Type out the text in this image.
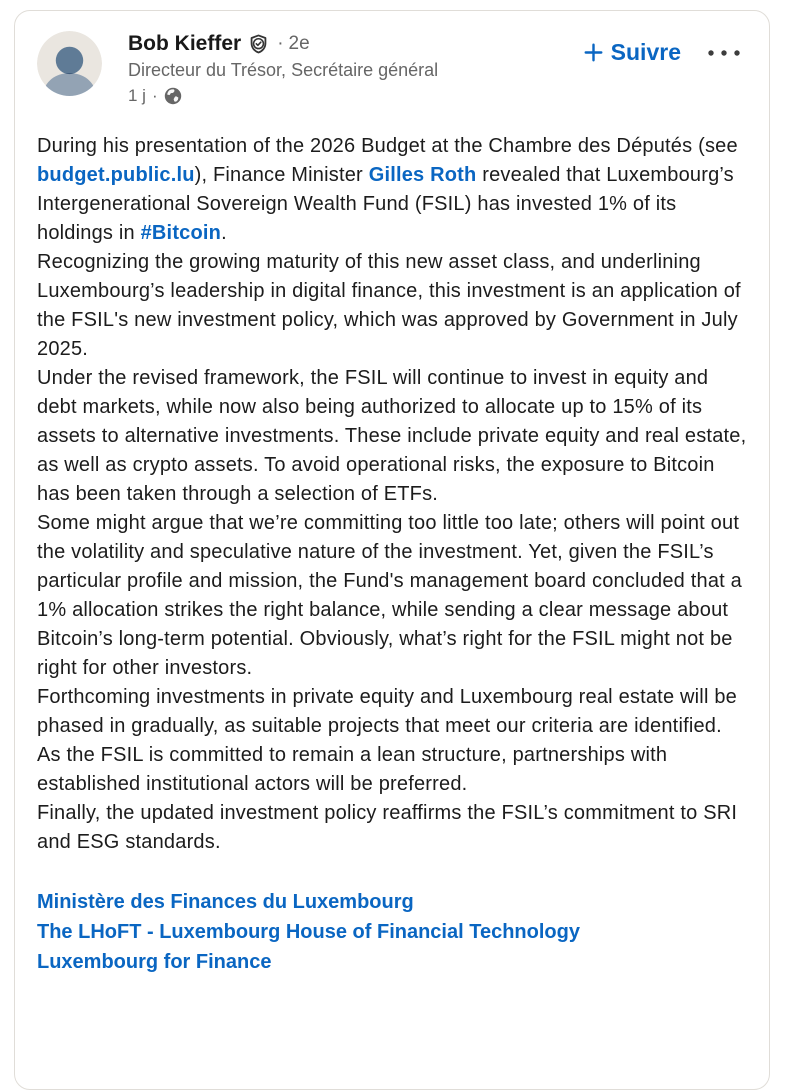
Bob Kieffer · 2e
Directeur du Trésor, Secrétaire général
1 j ·
Suivre
During his presentation of the 2026 Budget at the Chambre des Députés (see budget.public.lu), Finance Minister Gilles Roth revealed that Luxembourg’s Intergenerational Sovereign Wealth Fund (FSIL) has invested 1% of its holdings in #Bitcoin.
Recognizing the growing maturity of this new asset class, and underlining Luxembourg’s leadership in digital finance, this investment is an application of the FSIL's new investment policy, which was approved by Government in July 2025.
Under the revised framework, the FSIL will continue to invest in equity and debt markets, while now also being authorized to allocate up to 15% of its assets to alternative investments. These include private equity and real estate, as well as crypto assets. To avoid operational risks, the exposure to Bitcoin has been taken through a selection of ETFs.
Some might argue that we’re committing too little too late; others will point out the volatility and speculative nature of the investment. Yet, given the FSIL’s particular profile and mission, the Fund's management board concluded that a 1% allocation strikes the right balance, while sending a clear message about Bitcoin’s long-term potential. Obviously, what’s right for the FSIL might not be right for other investors.
Forthcoming investments in private equity and Luxembourg real estate will be phased in gradually, as suitable projects that meet our criteria are identified. As the FSIL is committed to remain a lean structure, partnerships with established institutional actors will be preferred.
Finally, the updated investment policy reaffirms the FSIL’s commitment to SRI and ESG standards.
Ministère des Finances du Luxembourg
The LHoFT - Luxembourg House of Financial Technology
Luxembourg for Finance
